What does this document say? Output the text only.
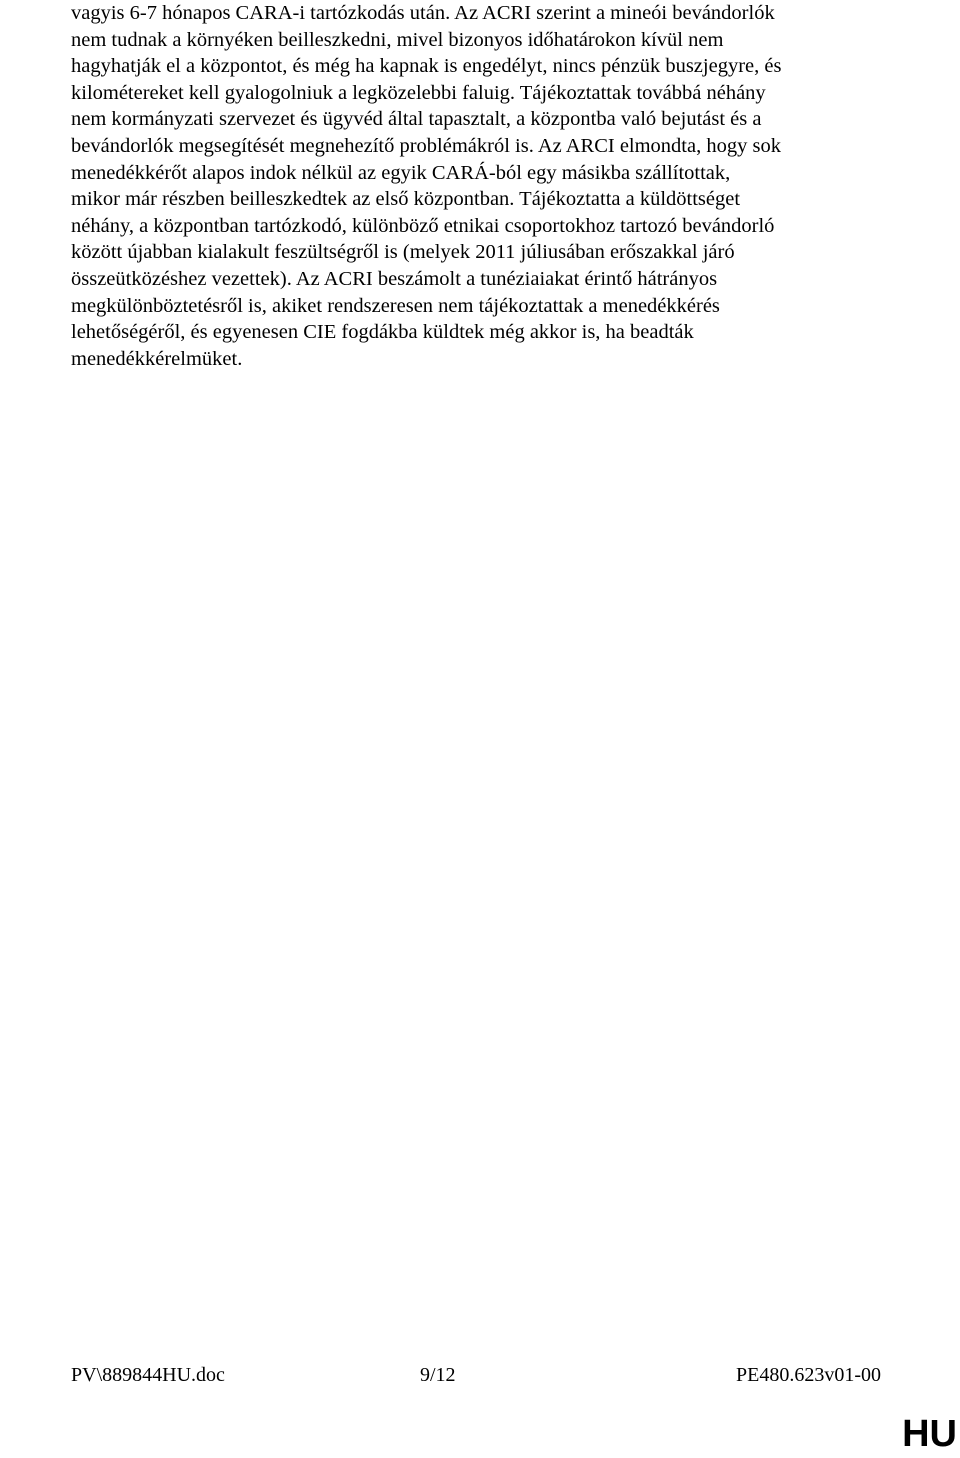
vagyis 6-7 hónapos CARA-i tartózkodás után. Az ACRI szerint a mineói bevándorlók
nem tudnak a környéken beilleszkedni, mivel bizonyos időhatárokon kívül nem
hagyhatják el a központot, és még ha kapnak is engedélyt, nincs pénzük buszjegyre, és
kilométereket kell gyalogolniuk a legközelebbi faluig. Tájékoztattak továbbá néhány
nem kormányzati szervezet és ügyvéd által tapasztalt, a központba való bejutást és a
bevándorlók megsegítését megnehezítő problémákról is. Az ARCI elmondta, hogy sok
menedékkérőt alapos indok nélkül az egyik CARÁ-ból egy másikba szállítottak,
mikor már részben beilleszkedtek az első központban. Tájékoztatta a küldöttséget
néhány, a központban tartózkodó, különböző etnikai csoportokhoz tartozó bevándorló
között újabban kialakult feszültségről is (melyek 2011 júliusában erőszakkal járó
összeütközéshez vezettek). Az ACRI beszámolt a tunéziaiakat érintő hátrányos
megkülönböztetésről is, akiket rendszeresen nem tájékoztattak a menedékkérés
lehetőségéről, és egyenesen CIE fogdákba küldtek még akkor is, ha beadták
menedékkérelmüket.
PV\889844HU.doc	9/12	PE480.623v01-00
HU
